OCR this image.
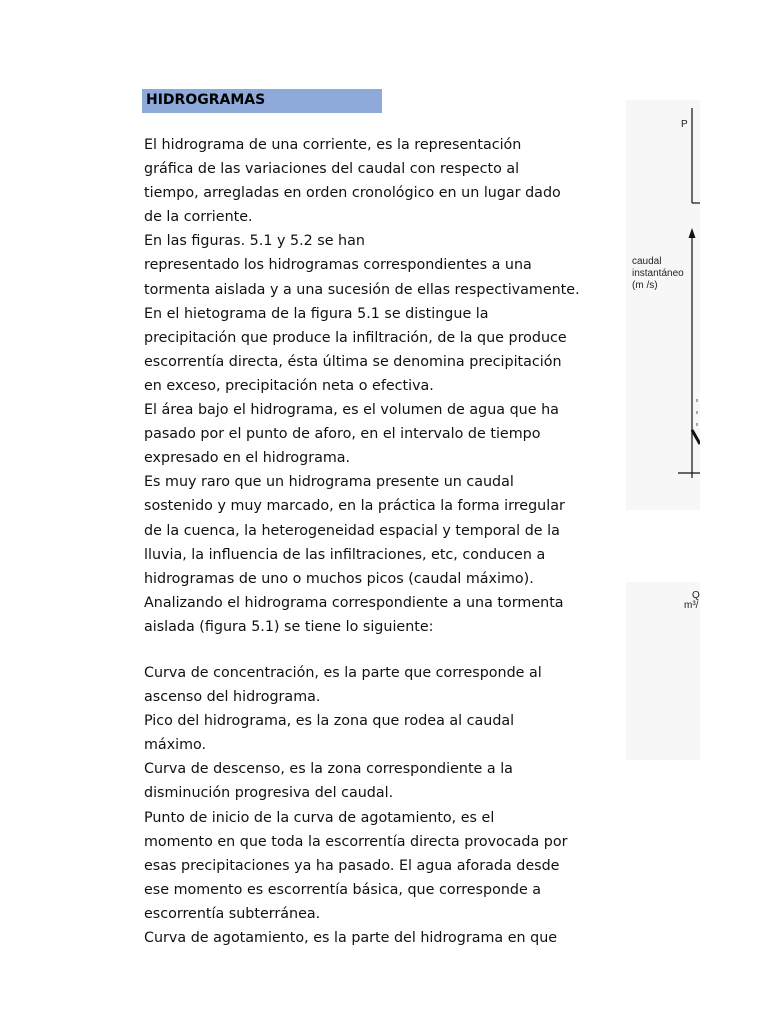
HIDROGRAMAS
El hidrograma de una corriente, es la representación
gráfica de las variaciones del caudal con respecto al
tiempo, arregladas en orden cronológico en un lugar dado
de la corriente.
En las figuras. 5.1 y 5.2 se han
representado los hidrogramas correspondientes a una
tormenta aislada y a una sucesión de ellas respectivamente.
En el hietograma de la figura 5.1 se distingue la
precipitación que produce la infiltración, de la que produce
escorrentía directa, ésta última se denomina precipitación
en exceso, precipitación neta o efectiva.
El área bajo el hidrograma, es el volumen de agua que ha
pasado por el punto de aforo, en el intervalo de tiempo
expresado en el hidrograma.
Es muy raro que un hidrograma presente un caudal
sostenido y muy marcado, en la práctica la forma irregular
de la cuenca, la heterogeneidad espacial y temporal de la
lluvia, la influencia de las infiltraciones, etc, conducen a
hidrogramas de uno o muchos picos (caudal máximo).
Analizando el hidrograma correspondiente a una tormenta
aislada (figura 5.1) se tiene lo siguiente:
Curva de concentración, es la parte que corresponde al
ascenso del hidrograma.
Pico del hidrograma, es la zona que rodea al caudal
máximo.
Curva de descenso, es la zona correspondiente a la
disminución progresiva del caudal.
Punto de inicio de la curva de agotamiento, es el
momento en que toda la escorrentía directa provocada por
esas precipitaciones ya ha pasado. El agua aforada desde
ese momento es escorrentía básica, que corresponde a
escorrentía subterránea.
Curva de agotamiento, es la parte del hidrograma en que
P
caudal
instantáneo
(m /s)
Q
m³/
